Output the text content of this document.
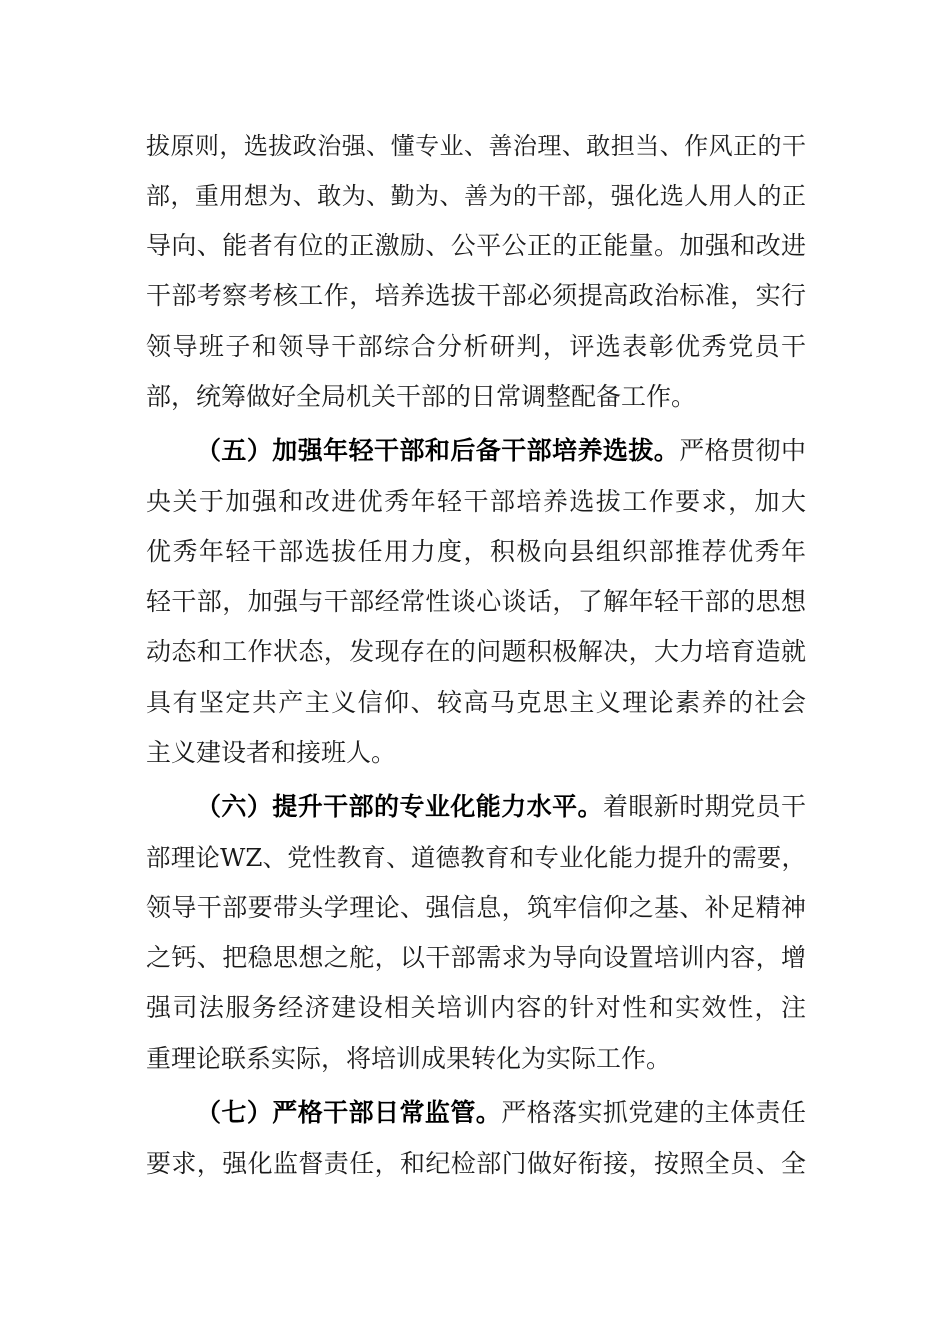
拔原则，选拔政治强、懂专业、善治理、敢担当、作风正的干
部，重用想为、敢为、勤为、善为的干部，强化选人用人的正
导向、能者有位的正激励、公平公正的正能量。加强和改进
干部考察考核工作，培养选拔干部必须提高政治标准，实行
领导班子和领导干部综合分析研判，评选表彰优秀党员干
部，统筹做好全局机关干部的日常调整配备工作。
（五）加强年轻干部和后备干部培养选拔。严格贯彻中
央关于加强和改进优秀年轻干部培养选拔工作要求，加大
优秀年轻干部选拔任用力度，积极向县组织部推荐优秀年
轻干部，加强与干部经常性谈心谈话，了解年轻干部的思想
动态和工作状态，发现存在的问题积极解决，大力培育造就
具有坚定共产主义信仰、较高马克思主义理论素养的社会
主义建设者和接班人。
（六）提升干部的专业化能力水平。着眼新时期党员干
部理论WZ、党性教育、道德教育和专业化能力提升的需要，
领导干部要带头学理论、强信息，筑牢信仰之基、补足精神
之钙、把稳思想之舵，以干部需求为导向设置培训内容，增
强司法服务经济建设相关培训内容的针对性和实效性，注
重理论联系实际，将培训成果转化为实际工作。
（七）严格干部日常监管。严格落实抓党建的主体责任
要求，强化监督责任，和纪检部门做好衔接，按照全员、全
